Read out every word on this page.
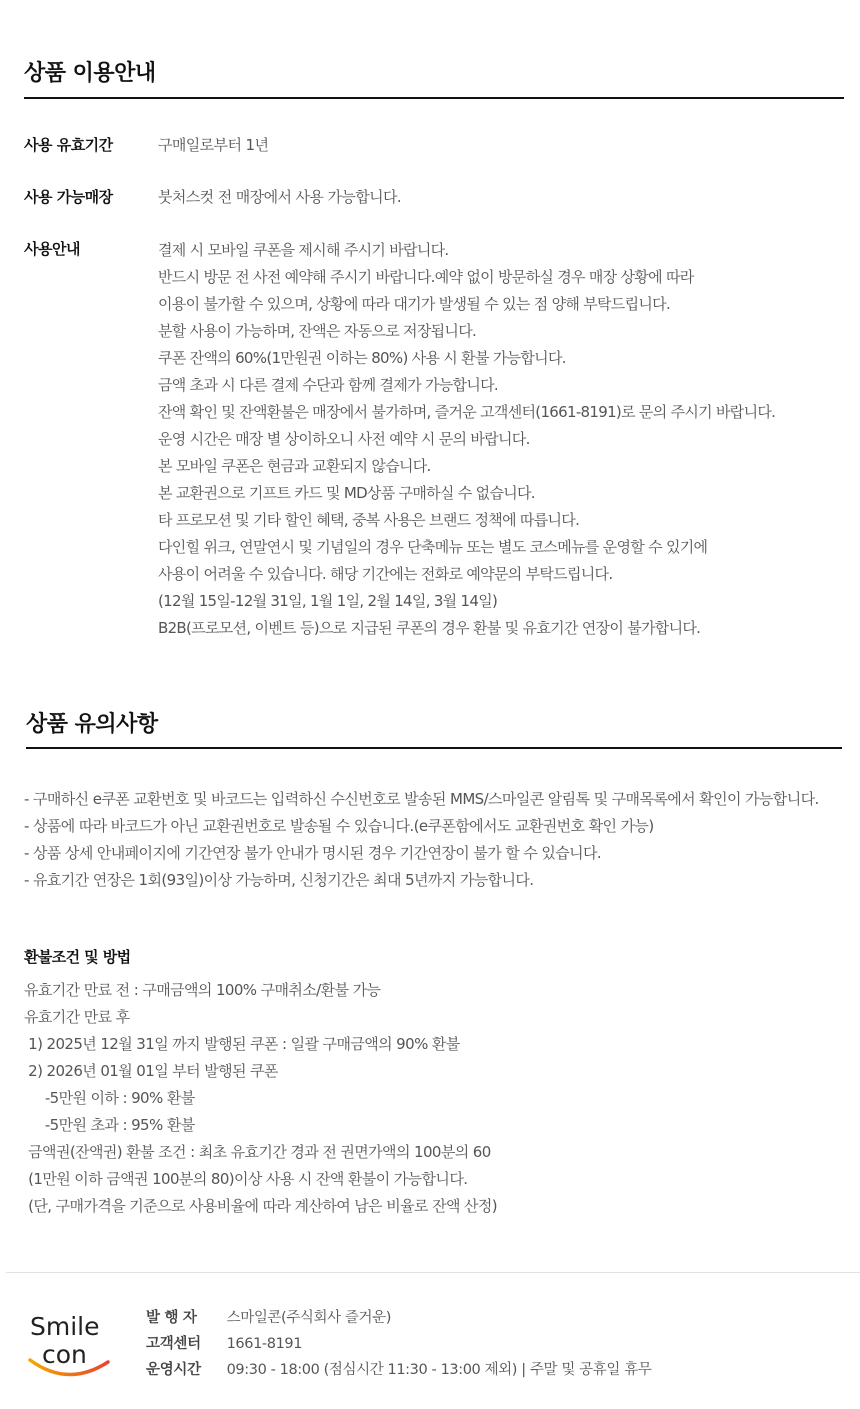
상품 이용안내
사용 유효기간	구매일로부터 1년
사용 가능매장	붓처스컷 전 매장에서 사용 가능합니다.
사용안내	결제 시 모바일 쿠폰을 제시해 주시기 바랍니다.
반드시 방문 전 사전 예약해 주시기 바랍니다.예약 없이 방문하실 경우 매장 상황에 따라
이용이 불가할 수 있으며, 상황에 따라 대기가 발생될 수 있는 점 양해 부탁드립니다.
분할 사용이 가능하며, 잔액은 자동으로 저장됩니다.
쿠폰 잔액의 60%(1만원권 이하는 80%) 사용 시 환불 가능합니다.
금액 초과 시 다른 결제 수단과 함께 결제가 가능합니다.
잔액 확인 및 잔액환불은 매장에서 불가하며, 즐거운 고객센터(1661-8191)로 문의 주시기 바랍니다.
운영 시간은 매장 별 상이하오니 사전 예약 시 문의 바랍니다.
본 모바일 쿠폰은 현금과 교환되지 않습니다.
본 교환권으로 기프트 카드 및 MD상품 구매하실 수 없습니다.
타 프로모션 및 기타 할인 혜택, 중복 사용은 브랜드 정책에 따릅니다.
다인힐 위크, 연말연시 및 기념일의 경우 단축메뉴 또는 별도 코스메뉴를 운영할 수 있기에
사용이 어려울 수 있습니다. 해당 기간에는 전화로 예약문의 부탁드립니다.
(12월 15일-12월 31일, 1월 1일, 2월 14일, 3월 14일)
B2B(프로모션, 이벤트 등)으로 지급된 쿠폰의 경우 환불 및 유효기간 연장이 불가합니다.
상품 유의사항

- 구매하신 e쿠폰 교환번호 및 바코드는 입력하신 수신번호로 발송된 MMS/스마일콘 알림톡 및 구매목록에서 확인이 가능합니다.

- 상품에 따라 바코드가 아닌 교환권번호로 발송될 수 있습니다.(e쿠폰함에서도 교환권번호 확인 가능)

- 상품 상세 안내페이지에 기간연장 불가 안내가 명시된 경우 기간연장이 불가 할 수 있습니다.

- 유효기간 연장은 1회(93일)이상 가능하며, 신청기간은 최대 5년까지 가능합니다.

환불조건 및 방법
유효기간 만료 전 : 구매금액의 100% 구매취소/환불 가능
유효기간 만료 후
1) 2025년 12월 31일 까지 발행된 쿠폰 : 일괄 구매금액의 90% 환불
2) 2026년 01월 01일 부터 발행된 쿠폰
-5만원 이하 : 90% 환불
-5만원 초과 : 95% 환불
금액권(잔액권) 환불 조건 : 최초 유효기간 경과 전 권면가액의 100분의 60
(1만원 이하 금액권 100분의 80)이상 사용 시 잔액 환불이 가능합니다.
(단, 구매가격을 기준으로 사용비율에 따라 계산하여 남은 비율로 잔액 산정)
Smile
con
발 행 자 스마일콘(주식회사 즐거운)
고객센터 1661-8191
운영시간 09:30 - 18:00 (점심시간 11:30 - 13:00 제외) | 주말 및 공휴일 휴무
